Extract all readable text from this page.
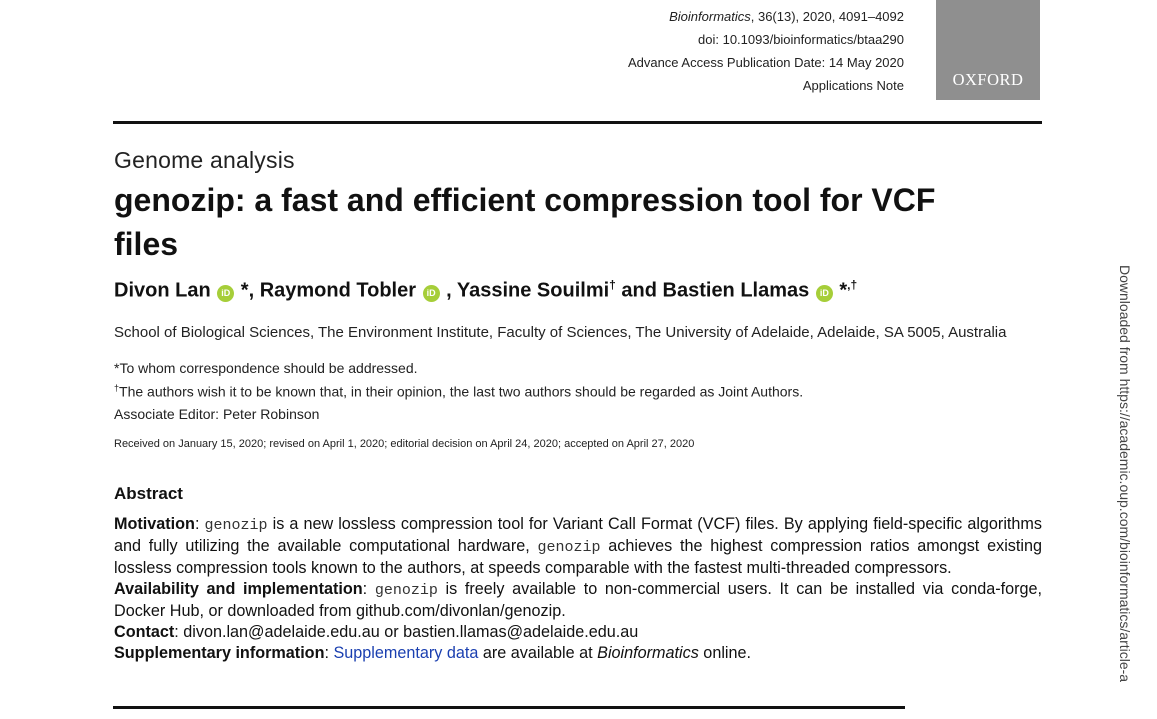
Bioinformatics, 36(13), 2020, 4091–4092
doi: 10.1093/bioinformatics/btaa290
Advance Access Publication Date: 14 May 2020
Applications Note	OXFORD
Genome analysis
genozip: a fast and efficient compression tool for VCF files
Divon Lan iD *, Raymond Tobler iD , Yassine Souilmi† and Bastien Llamas iD *,†
School of Biological Sciences, The Environment Institute, Faculty of Sciences, The University of Adelaide, Adelaide, SA 5005, Australia
*To whom correspondence should be addressed.
†The authors wish it to be known that, in their opinion, the last two authors should be regarded as Joint Authors.
Associate Editor: Peter Robinson
Received on January 15, 2020; revised on April 1, 2020; editorial decision on April 24, 2020; accepted on April 27, 2020
Abstract

Motivation: genozip is a new lossless compression tool for Variant Call Format (VCF) files. By applying field-specific algorithms and fully utilizing the available computational hardware, genozip achieves the highest compression ratios amongst existing lossless compression tools known to the authors, at speeds comparable with the fastest multi-threaded compressors.

Availability and implementation: genozip is freely available to non-commercial users. It can be installed via conda-forge, Docker Hub, or downloaded from github.com/divonlan/genozip.

Contact: divon.lan@adelaide.edu.au or bastien.llamas@adelaide.edu.au

Supplementary information: Supplementary data are available at Bioinformatics online.	Downloaded from https://academic.oup.com/bioinformatics/article-a
